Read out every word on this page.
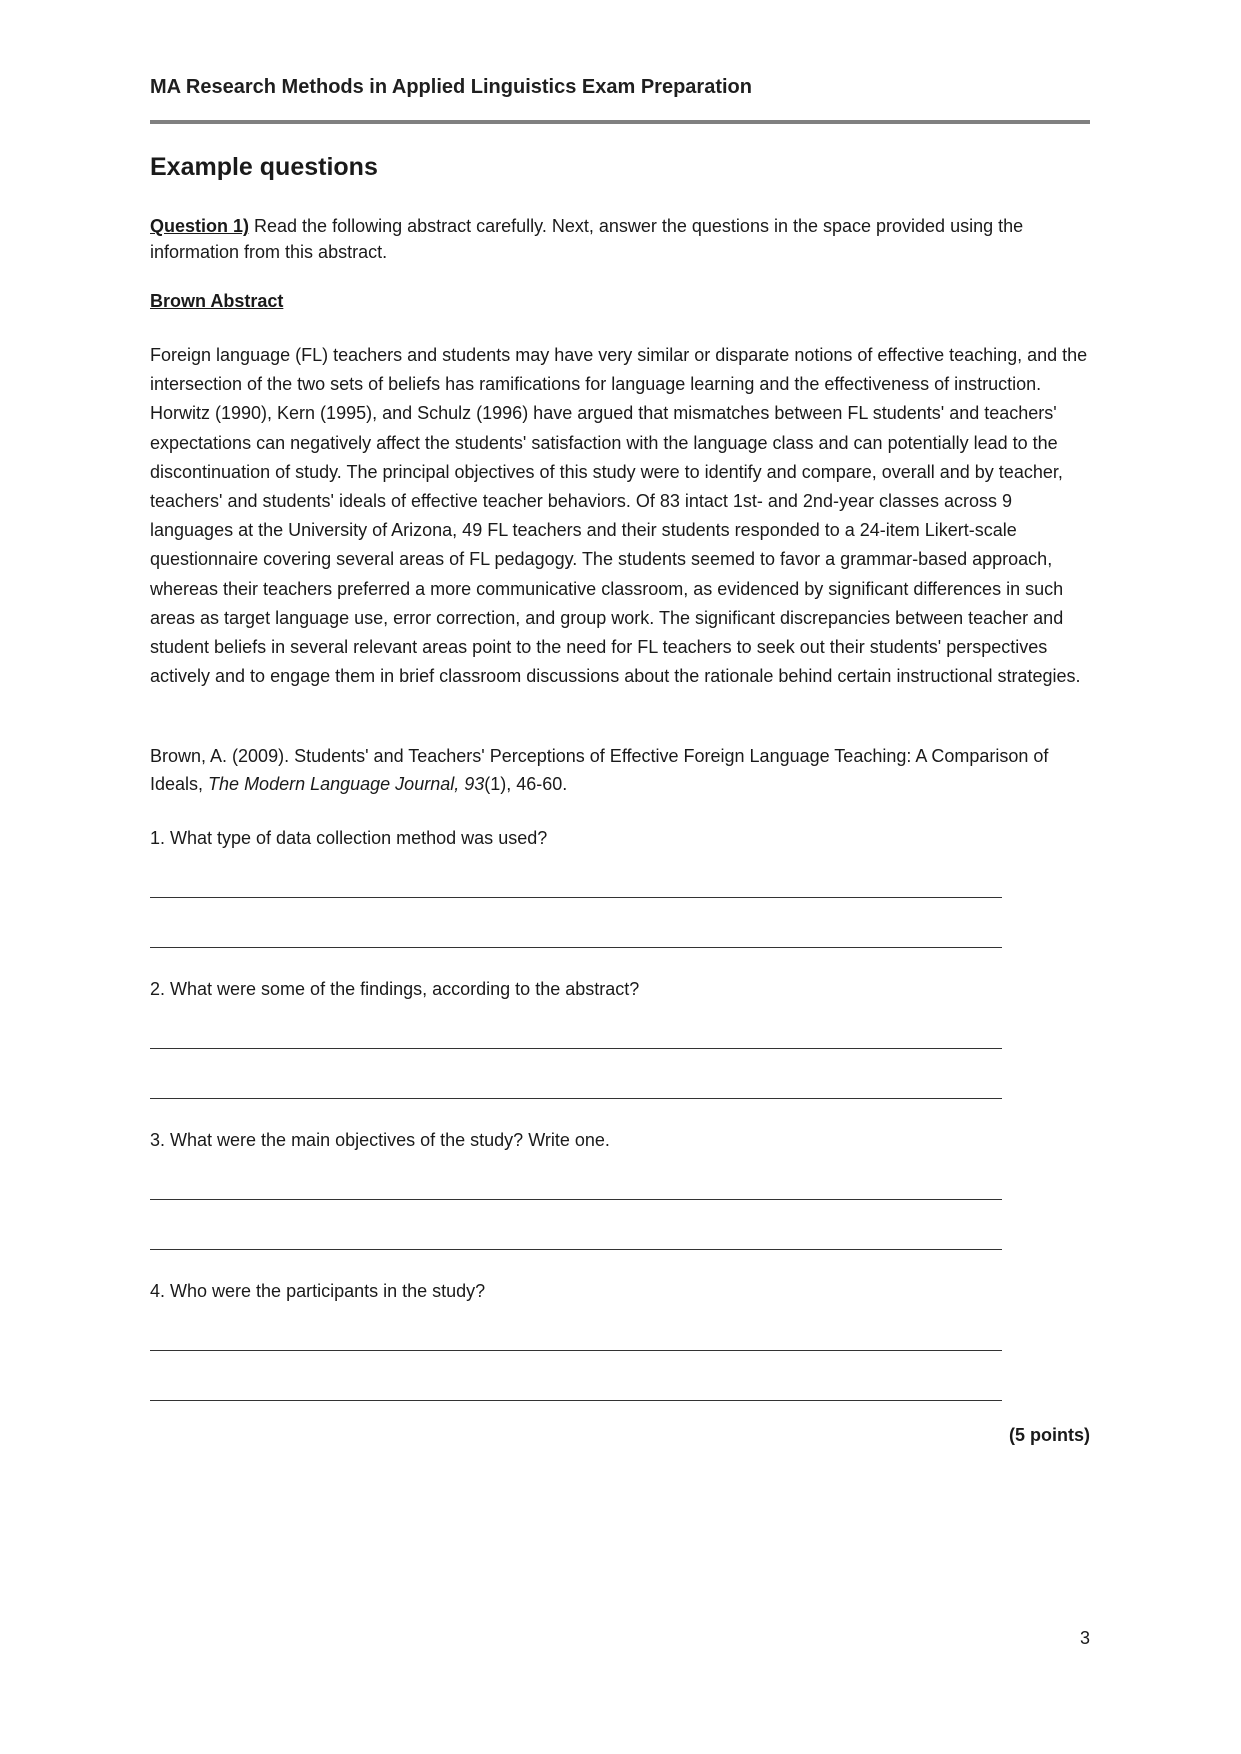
MA Research Methods in Applied Linguistics Exam Preparation
Example questions
Question 1) Read the following abstract carefully. Next, answer the questions in the space provided using the information from this abstract.
Brown Abstract
Foreign language (FL) teachers and students may have very similar or disparate notions of effective teaching, and the intersection of the two sets of beliefs has ramifications for language learning and the effectiveness of instruction. Horwitz (1990), Kern (1995), and Schulz (1996) have argued that mismatches between FL students' and teachers' expectations can negatively affect the students' satisfaction with the language class and can potentially lead to the discontinuation of study. The principal objectives of this study were to identify and compare, overall and by teacher, teachers' and students' ideals of effective teacher behaviors. Of 83 intact 1st- and 2nd-year classes across 9 languages at the University of Arizona, 49 FL teachers and their students responded to a 24-item Likert-scale questionnaire covering several areas of FL pedagogy. The students seemed to favor a grammar-based approach, whereas their teachers preferred a more communicative classroom, as evidenced by significant differences in such areas as target language use, error correction, and group work. The significant discrepancies between teacher and student beliefs in several relevant areas point to the need for FL teachers to seek out their students' perspectives actively and to engage them in brief classroom discussions about the rationale behind certain instructional strategies.
Brown, A. (2009). Students' and Teachers' Perceptions of Effective Foreign Language Teaching: A Comparison of Ideals, The Modern Language Journal, 93(1), 46-60.
1. What type of data collection method was used?
2. What were some of the findings, according to the abstract?
3. What were the main objectives of the study? Write one.
4. Who were the participants in the study?
(5 points)
3
